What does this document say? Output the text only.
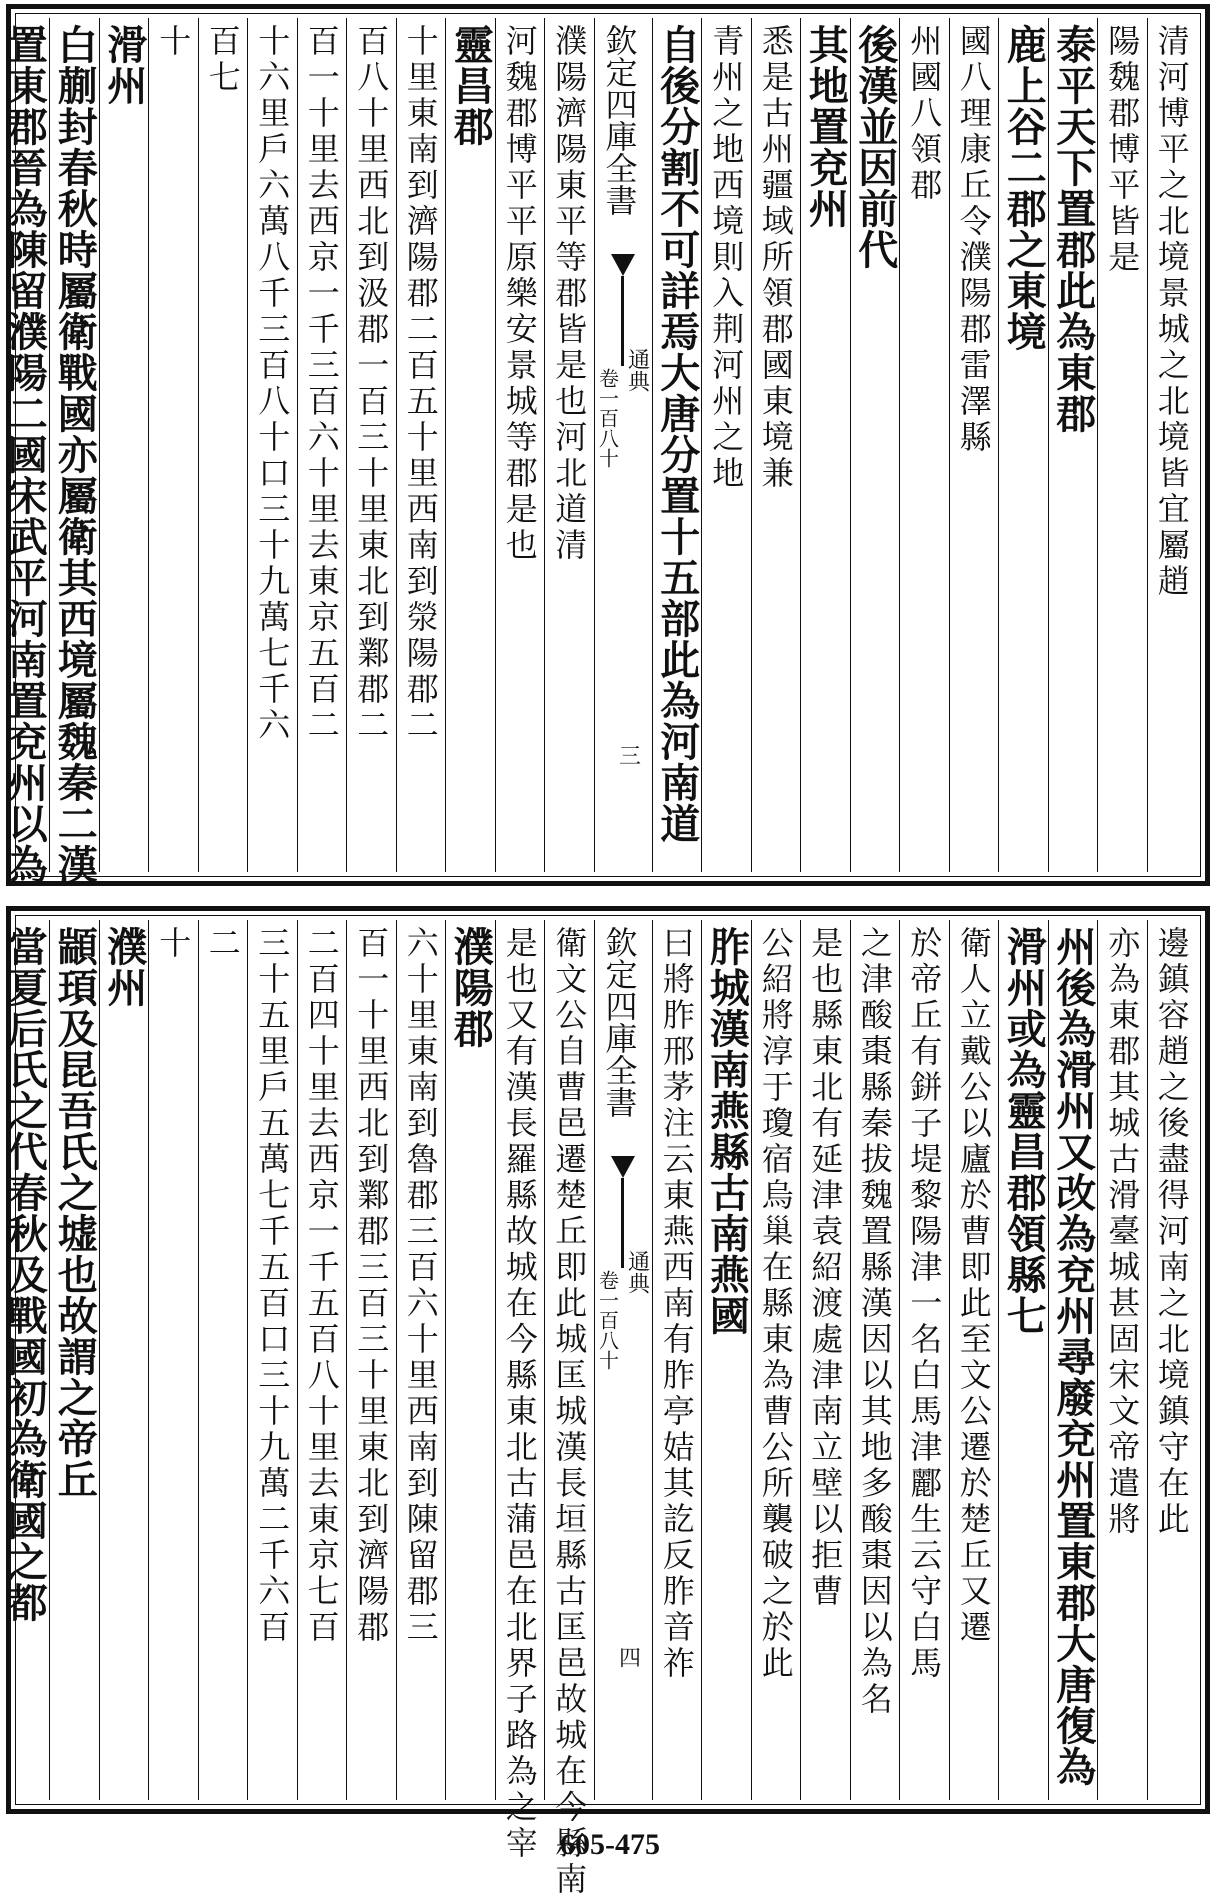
清河博平之北境景城之北境皆宜屬趙
陽魏郡博平皆是
泰平天下置郡此為東郡
鹿上谷二郡之東境
國八理康丘令濮陽郡雷澤縣
州國八領郡
後漢並因前代
其地置兗州
悉是古州疆域所領郡國東境兼
青州之地西境則入荆河州之地
自後分割不可詳焉大唐分置十五部此為河南道
欽定四庫全書
通典
卷一百八十
三
濮陽濟陽東平等郡皆是也河北道清
河魏郡博平平原樂安景城等郡是也
靈昌郡
十里東南到濟陽郡二百五十里西南到滎陽郡二
百八十里西北到汲郡一百三十里東北到鄴郡二
百一十里去西京一千三百六十里去東京五百二
十六里戶六萬八千三百八十口三十九萬七千六
百七
十
滑州
白蒯封春秋時屬衛戰國亦屬衛其西境屬魏秦二漢
置東郡晉為陳留濮陽二國宋武平河南置兗州以為
邊鎮容趙之後盡得河南之北境鎮守在此
亦為東郡其城古滑臺城甚固宋文帝遣將
州後為滑州又改為兗州尋廢兗州置東郡大唐復為
滑州或為靈昌郡領縣七
衛人立戴公以廬於曹即此至文公遷於楚丘又遷
於帝丘有鉼子堤黎陽津一名白馬津酈生云守白馬
之津酸棗縣秦拔魏置縣漢因以其地多酸棗因以為名
是也縣東北有延津袁紹渡處津南立壁以拒曹
公紹將淳于瓊宿烏巢在縣東為曹公所襲破之於此
胙城漢南燕縣古南燕國
曰將胙邢茅注云東燕西南有胙亭姞其訖反胙音祚
欽定四庫全書
通典
卷一百八十
四
衛文公自曹邑遷楚丘即此城匡城漢長垣縣古匡邑故城在今縣南
是也又有漢長羅縣故城在今縣東北古蒲邑在北界子路為之宰
濮陽郡
六十里東南到魯郡三百六十里西南到陳留郡三
百一十里西北到鄴郡三百三十里東北到濟陽郡
二百四十里去西京一千五百八十里去東京七百
三十五里戶五萬七千五百口三十九萬二千六百
二
十
濮州
顓頊及昆吾氏之墟也故謂之帝丘
當夏后氏之代春秋及戰國初為衛國之都
605-475
